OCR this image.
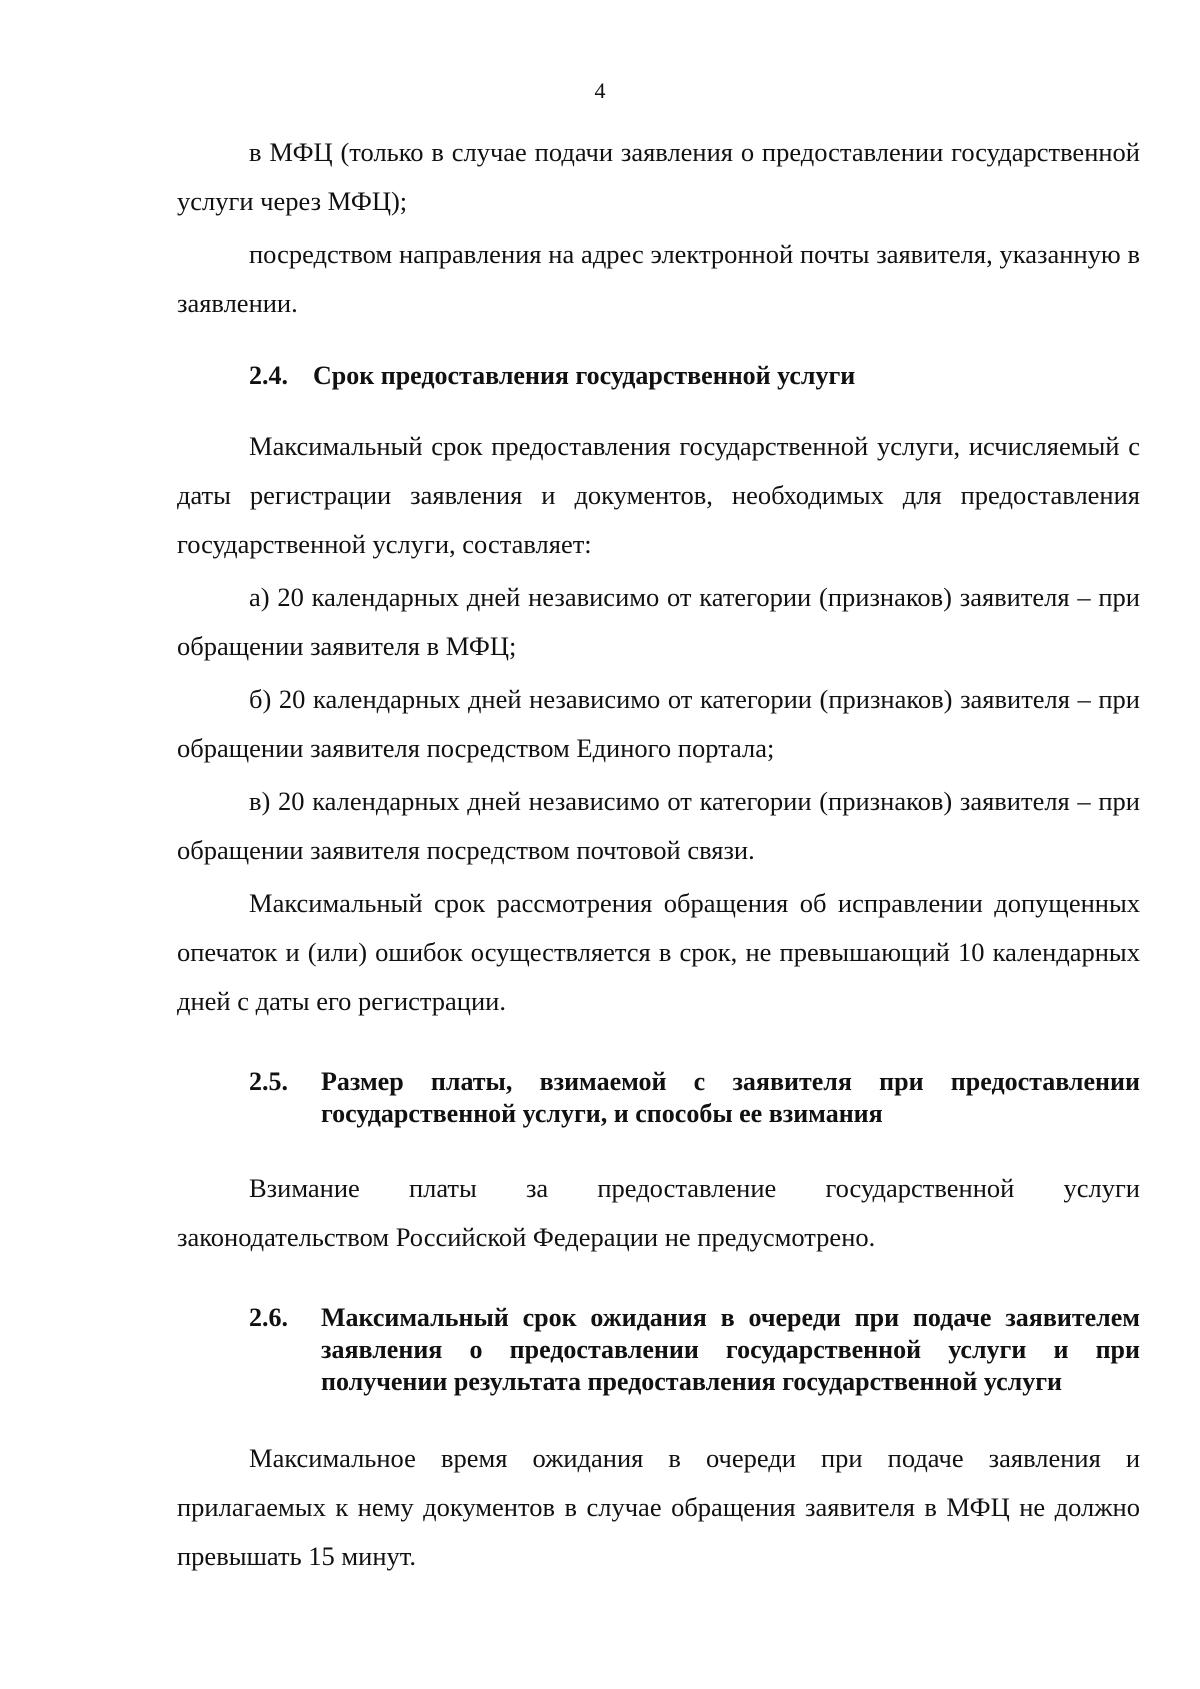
4

в МФЦ (только в случае подачи заявления о предоставлении государственной услуги через МФЦ);

посредством направления на адрес электронной почты заявителя, указанную в заявлении.

2.4. Срок предоставления государственной услуги

Максимальный срок предоставления государственной услуги, исчисляемый с даты регистрации заявления и документов, необходимых для предоставления государственной услуги, составляет:

а) 20 календарных дней независимо от категории (признаков) заявителя – при обращении заявителя в МФЦ;

б) 20 календарных дней независимо от категории (признаков) заявителя – при обращении заявителя посредством Единого портала;

в) 20 календарных дней независимо от категории (признаков) заявителя – при обращении заявителя посредством почтовой связи.

Максимальный срок рассмотрения обращения об исправлении допущенных опечаток и (или) ошибок осуществляется в срок, не превышающий 10 календарных дней с даты его регистрации.

2.5.	Размер платы, взимаемой с заявителя при предоставлении государственной услуги, и способы ее взимания

Взимание платы за предоставление государственной услуги законодательством Российской Федерации не предусмотрено.

2.6.	Максимальный срок ожидания в очереди при подаче заявителем заявления о предоставлении государственной услуги и при получении результата предоставления государственной услуги

Максимальное время ожидания в очереди при подаче заявления и прилагаемых к нему документов в случае обращения заявителя в МФЦ не должно превышать 15 минут.
